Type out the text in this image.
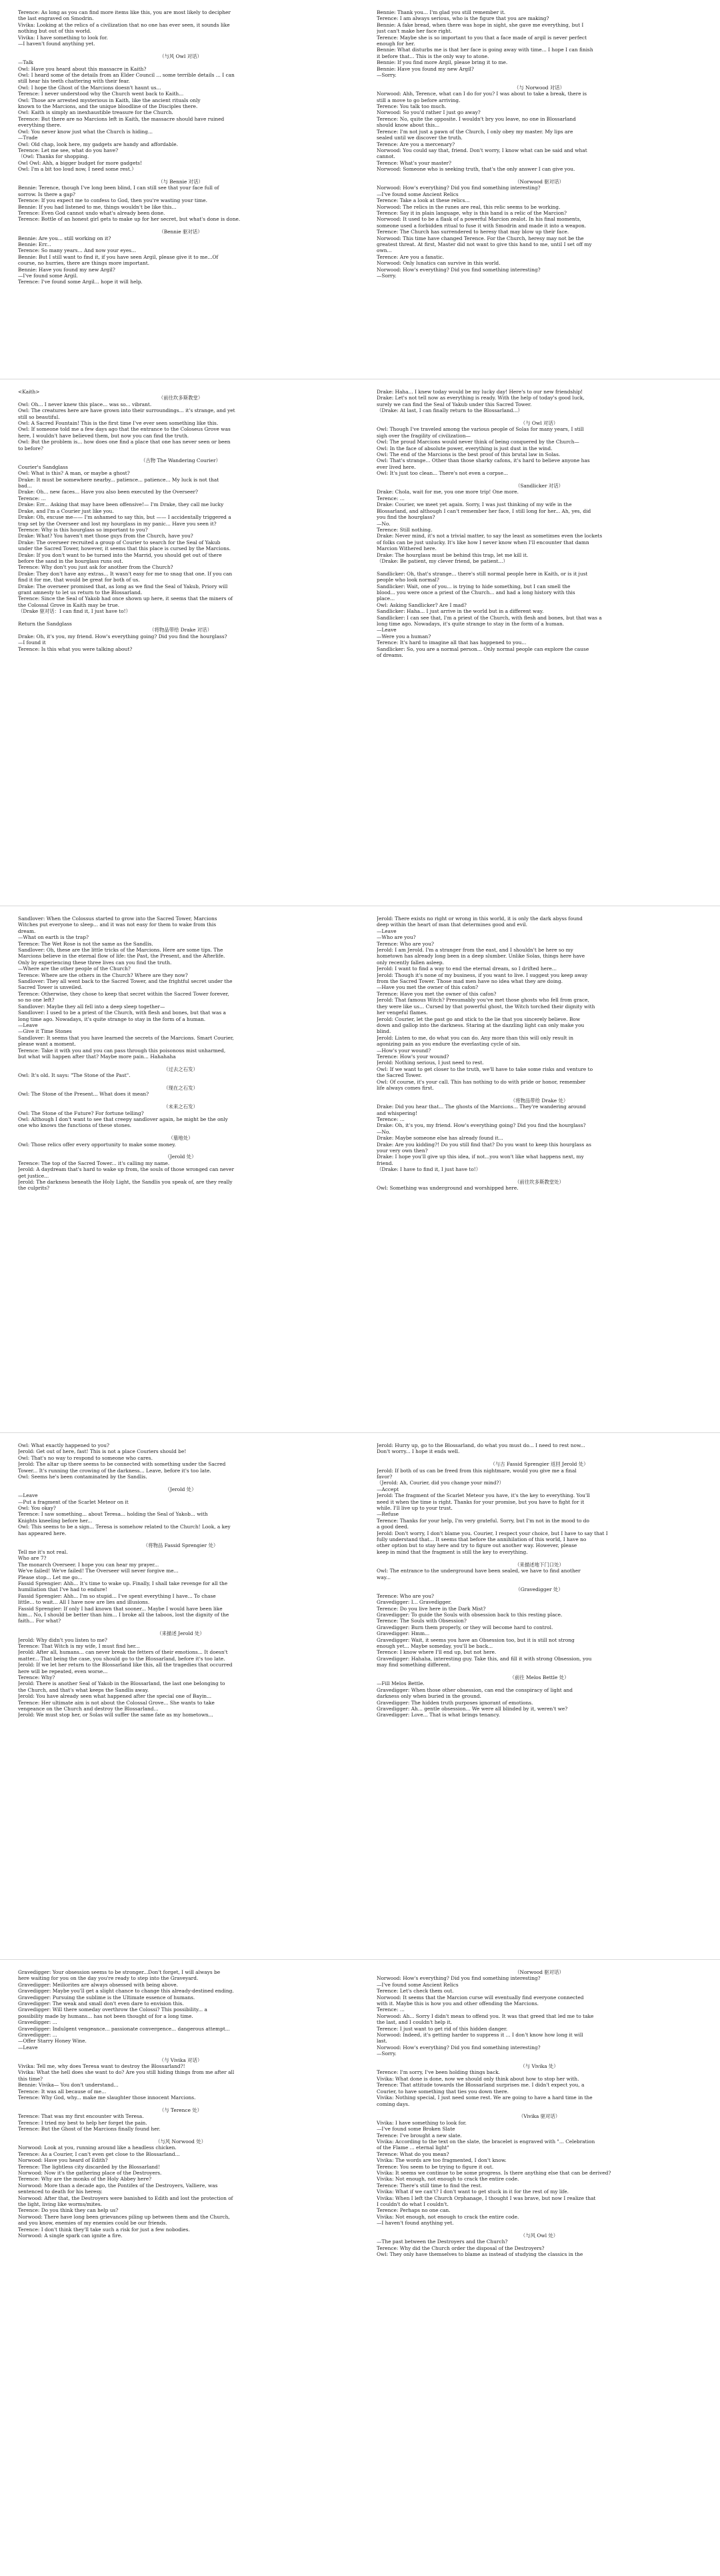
Terence: As long as you can find more items like this, you are most likely to decipher
the last engraved on Smodrin.
Vivika: Looking at the relics of a civilization that no one has ever seen, it sounds like
nothing but out of this world.
Vivika: I have something to look for.
—I haven't found anything yet.
（与风 Owl 对话）
—Talk
Owl: Have you heard about this massacre in Kaith?
Owl: I heard some of the details from an Elder Council ... some terrible details ... I can
still hear his teeth chattering with their fear.
Owl: I hope the Ghost of the Marcions doesn't haunt us...
Terence: I never understood why the Church went back to Kaith...
Owl: Those are arrested mysterious in Kaith, like the ancient rituals only
known to the Marcions, and the unique bloodline of the Disciples there.
Owl: Kaith is simply an inexhaustible treasure for the Church.
Terence: But there are no Marcions left in Kaith, the massacre should have ruined
everything there.
Owl: You never know just what the Church is hiding...
—Trade
Owl: Old chap, look here, my gadgets are handy and affordable.
Terence: Let me see, what do you have?
（Owl: Thanks for shopping.
Owl Owl: Ahh, a bigger budget for more gadgets!
Owl: I'm a bit too loud now, I need some rest.）
（与 Bennie 对话）
Bennie: Terence, though I've long been blind, I can still see that your face full of
sorrow. Is there a gap?
Terence: If you expect me to confess to God, then you're wasting your time.
Bennie: If you had listened to me, things wouldn't be like this...
Terence: Even God cannot undo what's already been done.
Terence: Bottle of an honest girl gets to make up for her secret, but what's done is done.
（Bennie 驱对话）
Bennie: Are you... still working on it?
Bennie: Err...
Terence: So many years... And now your eyes...
Bennie: But I still want to find it, if you have seen Argil, please give it to me...Of
course, no hurries, there are things more important.
Bennie: Have you found my new Argil?
—I've found some Argil.
Terence: I've found some Argil... hope it will help.
Bennie: Thank you... I'm glad you still remember it.
Terence: I am always serious, who is the figure that you are making?
Bennie: A fake bread, when there was hope in sight, she gave me everything, but I
just can't make her face right.
Terence: Maybe she is so important to you that a face made of argil is never perfect
enough for her.
Bennie: What disturbs me is that her face is going away with time... I hope I can finish
it before that... This is the only way to atone.
Bennie: If you find more Argil, please bring it to me.
Bennie: Have you found my new Argil?
—Sorry.
（与 Norwood 对话）
Norwood: Ahh, Terence, what can I do for you? I was about to take a break, there is
still a move to go before arriving.
Terence: You talk too much.
Norwood: So you'd rather I just go away?
Terence: No, quite the opposite. I wouldn't bry you leave, no one in Blossarland
should know about this...
Terence: I'm not just a pawn of the Church, I only obey my master. My lips are
sealed until we discover the truth.
Terence: Are you a mercenary?
Norwood: You could say that, friend. Don't worry, I know what can be said and what
cannot.
Terence: What's your master?
Norwood: Someone who is seeking truth, that's the only answer I can give you.
（Norwood 驱对话）
Norwood: How's everything? Did you find something interesting?
—I've found some Ancient Relics
Terence: Take a look at these relics...
Norwood: The relics in the runes are real, this relic seems to be working.
Terence: Say it in plain language, why is this hand is a relic of the Marcion?
Norwood: It used to be a flask of a powerful Marcion zealot. In his final moments,
someone used a forbidden ritual to fuse it with Smodrin and made it into a weapon.
Terence: The Church has surrendered to heresy that may blow up their face.
Norwood: This time have changed Terence. For the Church, heresy may not be the
greatest threat. At first, Master did not want to give this hand to me, until I set off my
own...
Terence: Are you a fanatic.
Norwood: Only lunatics can survive in this world.
Norwood: How's everything? Did you find something interesting?
—Sorry.
<Kaith>
（前往坎多斯教堂）
Owl: Oh... I never knew this place... was so... vibrant.
Owl: The creatures here are have grown into their surroundings... it's strange, and yet
still so beautiful.
Owl: A Sacred Fountain! This is the first time I've ever seen something like this.
Owl: If someone told me a few days ago that the entrance to the Coloseus Grove was
here, I wouldn't have believed them, but now you can find the truth.
Owl: But the problem is... how does one find a place that one has never seen or been
to before?
（古物 The Wandering Courier）
Courier's Sandglass
Owl: What is this? A man, or maybe a ghost?
Drake: It must be somewhere nearby... patience... patience... My luck is not that
bad...
Drake: Oh... new faces... Have you also been executed by the Overseer?
Terence: ...
Drake: Err... Asking that may have been offensive!— I'm Drake, they call me lucky
Drake, and I'm a Courier just like you.
Drake: Oh, excuse me—— I'm ashamed to say this, but —— I accidentally triggered a
trap set by the Overseer and lost my hourglass in my panic... Have you seen it?
Terence: Why is this hourglass so important to you?
Drake: What? You haven't met those guys from the Church, have you?
Drake: The overseer recruited a group of Courier to search for the Seal of Yakub
under the Sacred Tower, however, it seems that this place is cursed by the Marcions.
Drake: If you don't want to be turned into the Marrid, you should get out of there
before the sand in the hourglass runs out.
Terence: Why don't you just ask for another from the Church?
Drake: They don't have any extras... It wasn't easy for me to snag that one. If you can
find it for me, that would be great for both of us.
Drake: The overseer promised that, as long as we find the Seal of Yakub, Priory will
grant amnesty to let us return to the Blossarland.
Terence: Since the Seal of Yakob had once shown up here, it seems that the miners of
the Colossal Grove in Kaith may be true.
（Drake 驱对话：I can find it, I just have to!）
Return the Sandglass
（将物品带给 Drake 对话）
Drake: Oh, it's you, my friend. How's everything going? Did you find the hourglass?
—I found it
Terence: Is this what you were talking about?
Drake: Haha... I knew today would be my lucky day! Here's to our new friendship!
Drake: Let's not tell now as everything is ready. With the help of today's good luck,
surely we can find the Seal of Yakub under this Sacred Tower.
（Drake: At last, I can finally return to the Blossarland...）
（与 Owl 对话）
Owl: Though I've traveled among the various people of Solas for many years, I still
sigh over the fragility of civilization—
Owl: The proud Marcions would never think of being conquered by the Church—
Owl: In the face of absolute power, everything is just dust in the wind.
Owl: The end of the Marcions is the best proof of this brutal law in Solas.
Owl: That's strange... Other than those sharky cafons, it's hard to believe anyone has
ever lived here.
Owl: It's just too clean... There's not even a corpse...
（Sandlicker 对话）
Drake: Chola, wait for me, you one more trip! One more.
Terence: ...
Drake: Courier, we meet yet again. Sorry, I was just thinking of my wife in the
Blossarland, and although I can't remember her face, I still long for her... Ah, yes, did
you find the hourglass?
—No.
Terence: Still nothing.
Drake: Never mind, it's not a trivial matter, to say the least as sometimes even the lockets
of folks can be just unlucky. It's like how I never know when I'll encounter that damn
Marcion Withered here.
Drake: The hourglass must be behind this trap, let me kill it.
（Drake: Be patient, my clever friend, be patient...）
Sandlicker: Oh, that's strange... there's still normal people here in Kaith, or is it just
people who look normal?
Sandlicker: Wait, one of you... is trying to hide something, but I can smell the
blood... you were once a priest of the Church... and had a long history with this
place...
Owl: Asking Sandlicker? Are I mad?
Sandlicker: Haha... I just arrive in the world but in a different way.
Sandlicker: I can see that, I'm a priest of the Church, with flesh and bones, but that was a
long time ago. Nowadays, it's quite strange to stay in the form of a human.
—Leave
—Were you a human?
Terence: It's hard to imagine all that has happened to you...
Sandlicker: So, you are a normal person... Only normal people can explore the cause
of dreams.
Sandlover: When the Colossus started to grow into the Sacred Tower, Marcions
Witches put everyone to sleep... and it was not easy for them to wake from this
dream.
—What on earth is the trap?
Terence: The Wet Rose is not the same as the Sandlis.
Sandlover: Oh, these are the little tricks of the Marcions. Here are some tips. The
Marcions believe in the eternal flow of life: the Past, the Present, and the Afterlife.
Only by experiencing these three lives can you find the truth.
—Where are the other people of the Church?
Terence: Where are the others in the Church? Where are they now?
Sandlover: They all went back to the Sacred Tower, and the frightful secret under the
Sacred Tower is unveiled.
Terence: Otherwise, they chose to keep that secret within the Sacred Tower forever,
so no one left?
Sandlover: Maybe they all fell into a deep sleep together—
Sandlover: I used to be a priest of the Church, with flesh and bones, but that was a
long time ago. Nowadays, it's quite strange to stay in the form of a human.
—Leave
—Give it Time Stones
Sandlover: It seems that you have learned the secrets of the Marcions. Smart Courier,
please want a moment.
Terence: Take it with you and you can pass through this poisonous mist unharmed,
but what will happen after that? Maybe more pain... Hahahaha
（过去之石发）
Owl: It's old. It says: "The Stone of the Past".
（现在之石发）
Owl: The Stone of the Present... What does it mean?
（未来之石发）
Owl: The Stone of the Future? For fortune telling?
Owl: Although I don't want to see that creepy sandlover again, he might be the only
one who knows the functions of these stones.
（墓地处）
Owl: Those relics offer every opportunity to make some money.
（Jerold 处）
Terence: The top of the Sacred Tower... it's calling my name.
Jerold: A daydream that's hard to wake up from, the souls of those wronged can never
get justice...
Jerold: The darkness beneath the Holy Light, the Sandlis you speak of, are they really
the culprits?
Jerold: There exists no right or wrong in this world, it is only the dark abyss found
deep within the heart of man that determines good and evil.
—Leave
—Who are you?
Terence: Who are you?
Jerold: I am Jerold. I'm a stranger from the east, and I shouldn't be here so my
hometown has already long been in a deep slumber. Unlike Solas, things here have
only recently fallen asleep.
Jerold: I want to find a way to end the eternal dream, so I drifted here...
Jerold: Though it's none of my business, if you want to live. I suggest you keep away
from the Sacred Tower. Those mad men have no idea what they are doing.
—Have you met the owner of this cafon?
Terence: Have you met the owner of this cafon?
Jerold: That famous Witch? Presumably you've met those ghosts who fell from grace,
they were like us... Cursed by that powerful ghost, the Witch torched their dignity with
her vengeful flames.
Jerold: Courier, let the past go and stick to the lie that you sincerely believe. Bow
down and gallop into the darkness. Staring at the dazzling light can only make you
blind.
Jerold: Listen to me, do what you can do. Any more than this will only result in
agonizing pain as you endure the everlasting cycle of sin.
—How's your wound?
Terence: How's your wound?
Jerold: Nothing serious, I just need to rest.
Owl: If we want to get closer to the truth, we'll have to take some risks and venture to
the Sacred Tower.
Owl: Of course, it's your call. This has nothing to do with pride or honor, remember
life always comes first.
（将物品带给 Drake 处）
Drake: Did you hear that... The ghosts of the Marcions... They're wandering around
and whispering!
Terence: ...
Drake: Oh, it's you, my friend. How's everything going? Did you find the hourglass?
—No.
Drake: Maybe someone else has already found it...
Drake: Are you kidding?! Do you still find that? Do you want to keep this hourglass as
your very own then?
Drake: I hope you'll give up this idea, if not...you won't like what happens next, my
friend.
（Drake: I have to find it, I just have to!）
（前往坎多斯教堂处）
Owl: Something was underground and worshipped here.
Owl: What exactly happened to you?
Jerold: Get out of here, fast! This is not a place Couriers should be!
Owl: That's no way to respond to someone who cares.
Jerold: The altar up there seems to be connected with something under the Sacred
Tower... It's running the crowing of the darkness... Leave, before it's too late.
Owl: Seems he's been contaminated by the Sandlis.
（Jerold 处）
—Leave
—Put a fragment of the Scarlet Meteor on it
Owl: You okay?
Terence: I saw something... about Teresa... holding the Seal of Yakob... with
Knights kneeling before her...
Owl: This seems to be a sign... Teresa is somehow related to the Church! Look, a key
has appeared here.
（将物品 Fassid Sprengier 处）
Tell me it's not real.
Who are 7?
The monarch Overseer. I hope you can hear my prayer...
We've failed! We've failed! The Overseer will never forgive me...
Please stop... Let me go...
Fassid Sprengier: Ahh... It's time to wake up. Finally, I shall take revenge for all the
humiliation that I've had to endure!
Fassid Sprengier: Ahh... I'm so stupid... I've spent everything I have... To chase
little... to wait... All I have now are lies and illusions.
Fassid Sprengier: If only I had known that sooner... Maybe I would have been like
him... No, I should be better than him... I broke all the taboos, lost the dignity of the
faith... For what?
（来描述 Jerold 处）
Jerold: Why didn't you listen to me?
Terence: That Witch is my wife, I must find her...
Jerold: After all, humans... can never break the fetters of their emotions... It doesn't
matter... That being the case, you should go to the Blossarland, before it's too late.
Jerold: If we let her return to the Blossarland like this, all the tragedies that occurred
here will be repeated, even worse...
Terence: Why?
Jerold: There is another Seal of Yakob in the Blossarland, the last one belonging to
the Church, and that's what keeps the Sandlis away.
Jerold: You have already seen what happened after the special one of Bayin...
Terence: Her ultimate aim is not about the Colossal Grove... She wants to take
vengeance on the Church and destroy the Blossarland...
Jerold: We must stop her, or Solas will suffer the same fate as my hometown...
Jerold: Hurry up, go to the Blossarland, do what you must do... I need to rest now...
Don't worry... I hope it ends well.
（与古 Fassid Sprengier 返回 Jerold 处）
Jerold: If both of us can be freed from this nightmare, would you give me a final
favor?
（Jerold: Ah, Courier, did you change your mind?）
—Accept
Jerold: The fragment of the Scarlet Meteor you have, it's the key to everything. You'll
need it when the time is right. Thanks for your promise, but you have to fight for it
while. I'll live up to your trust.
—Refuse
Terence: Thanks for your help, I'm very grateful. Sorry, but I'm not in the mood to do
a good deed.
Jerold: Don't worry, I don't blame you. Courier, I respect your choice, but I have to say that I
fully understand that... It seems that before the annihilation of this world, I have no
other option but to stay here and try to figure out another way. However, please
keep in mind that the fragment is still the key to everything.
（来描述地下门口处）
Owl: The entrance to the underground have been sealed, we have to find another
way...
（Gravedigger 处）
Terence: Who are you?
Gravedigger: I... Gravedigger.
Terence: Do you live here in the Dark Mist?
Gravedigger: To guide the Souls with obsession back to this resting place.
Terence: The Souls with Obsession?
Gravedigger: Burn them properly, or they will become hard to control.
Gravedigger: Hmm...
Gravedigger: Wait, it seems you have an Obsession too, but it is still not strong
enough yet... Maybe someday, you'll be back...
Terence: I know where I'll end up, but not here.
Gravedigger: Hahaha, interesting guy. Take this, and fill it with strong Obsession, you
may find something different.
（前往 Melos Bettle 处）
—Fill Melos Bettle.
Gravedigger: When those other obsession, can end the conspiracy of light and
darkness only when buried in the ground.
Gravedigger: The hidden truth purposes ignorant of emotions.
Gravedigger: Ah... gentle obsession... We were all blinded by it, weren't we?
Gravedigger: Love... That is what brings tenancy.
Gravedigger: Your obsession seems to be stronger...Don't forget, I will always be
here waiting for you on the day you're ready to step into the Graveyard.
Gravedigger: Meiliorites are always obsessed with being above.
Gravedigger: Maybe you'll get a slight chance to change this already-destined ending.
Gravedigger: Pursuing the sublime is the Ultimate essence of humans.
Gravedigger: The weak and small don't even dare to envision this.
Gravedigger: Will there someday overthrow the Colossi? This possibility... a
possibility made by humans... has not been thought of for a long time.
Gravedigger: ...
Gravedigger: Indulgent vengeance... passionate convergence... dangerous attempt...
Gravedigger: ...
—Offer Starry Honey Wine.
—Leave
（与 Vivika 对话）
Vivika: Tell me, why does Teresa want to destroy the Blossarland?!
Vivika: What the hell does she want to do? Are you still hiding things from me after all
this time?
Bennie: Vivika— You don't understand...
Terence: It was all because of me...
Terence: Why God, why... make me slaughter those innocent Marcions.
（与 Terence 处）
Terence: That was my first encounter with Teresa.
Terence: I tried my best to help her forget the pain.
Terence: But the Ghost of the Marcions finally found her.
（与风 Norwood 处）
Norwood: Look at you, running around like a headless chicken.
Terence: As a Courier, I can't even get close to the Blossarland...
Norwood: Have you heard of Edith?
Terence: The lightless city discarded by the Blossarland!
Norwood: Now it's the gathering place of the Destroyers.
Terence: Why are the monks of the Holy Abbey here?
Norwood: More than a decade ago, the Pontifex of the Destroyers, Valliere, was
sentenced to death for his heresy.
Norwood: After that, the Destroyers were banished to Edith and lost the protection of
the light, living like worms/mites.
Terence: Do you think they can help us?
Norwood: There have long been grievances piling up between them and the Church,
and you know, enemies of my enemies could be our friends.
Terence: I don't think they'll take such a risk for just a few nobodies.
Norwood: A single spark can ignite a fire.
（Norwood 驱对话）
Norwood: How's everything? Did you find something interesting?
—I've found some Ancient Relics
Terence: Let's check them out.
Norwood: It seems that the Marcion curse will eventually find everyone connected
with it. Maybe this is how you and other offending the Marcions.
Terence: ...
Norwood: Ah... Sorry I didn't mean to offend you. It was that greed that led me to take
the last, and I couldn't help it.
Terence: I just want to get rid of this hidden danger.
Norwood: Indeed, it's getting harder to suppress it ... I don't know how long it will
last.
Norwood: How's everything? Did you find something interesting?
—Sorry.
（与 Vivika 处）
Terence: I'm sorry, I've been holding things back.
Vivika: What done is done, now we should only think about how to stop her with.
Terence: That attitude towards the Blossarland surprises me. I didn't expect you, a
Courier, to have something that ties you down there.
Vivika: Nothing special, I just need some rest. We are going to have a hard time in the
coming days.
（Vivika 驱对话）
Vivika: I have something to look for.
—I've found some Broken Slate
Terence: I've brought a new slate.
Vivika: According to the text on the slate, the bracelet is engraved with "... Celebration
of the Flame ... eternal light"
Terence: What do you mean?
Vivika: The words are too fragmented, I don't know.
Terence: You seem to be trying to figure it out.
Vivika: It seems we continue to be some progress. Is there anything else that can be derived?
Vivika: Not enough, not enough to crack the entire code.
Terence: There's still time to find the rest.
Vivika: What if we can't? I don't want to get stuck in it for the rest of my life.
Vivika: When I left the Church Orphanage, I thought I was brave, but now I realize that
I couldn't do what I couldn't.
Terence: Perhaps no one can.
Vivika: Not enough, not enough to crack the entire code.
—I haven't found anything yet.
（与风 Owl 处）
—The past between the Destroyers and the Church?
Terence: Why did the Church order the disposal of the Destroyers?
Owl: They only have themselves to blame as instead of studying the classics in the
